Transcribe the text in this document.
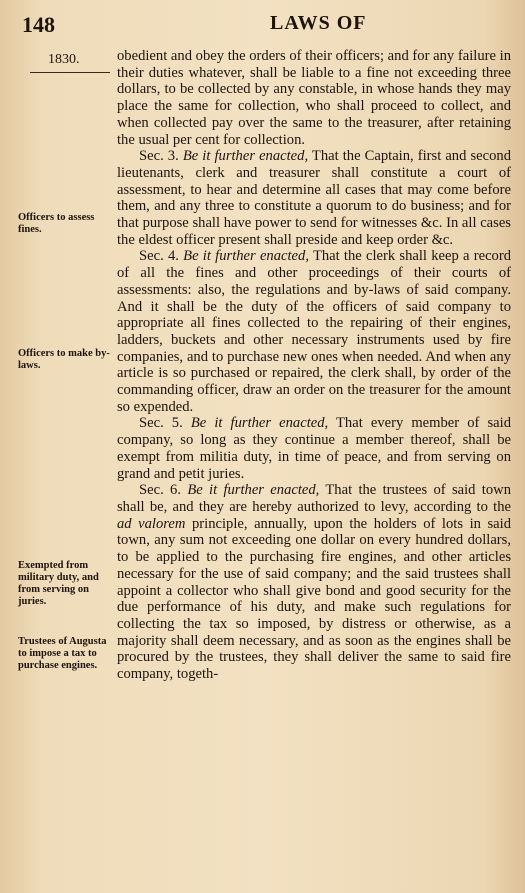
148	LAWS OF
1830.
Officers to assess fines.
Officers to make by-laws.
Exempted from military duty, and from serving on juries.
Trustees of Augusta to impose a tax to purchase engines.

obedient and obey the orders of their officers; and for any failure in their duties whatever, shall be liable to a fine not exceeding three dollars, to be collected by any constable, in whose hands they may place the same for collection, who shall proceed to collect, and when collected pay over the same to the treasurer, after retaining the usual per cent for collection.

Sec. 3. Be it further enacted, That the Captain, first and second lieutenants, clerk and treasurer shall constitute a court of assessment, to hear and determine all cases that may come before them, and any three to constitute a quorum to do business; and for that purpose shall have power to send for witnesses &c. In all cases the eldest officer present shall preside and keep order &c.

Sec. 4. Be it further enacted, That the clerk shall keep a record of all the fines and other proceedings of their courts of assessments: also, the regulations and by-laws of said company. And it shall be the duty of the officers of said company to appropriate all fines collected to the repairing of their engines, ladders, buckets and other necessary instruments used by fire companies, and to purchase new ones when needed. And when any article is so purchased or repaired, the clerk shall, by order of the commanding officer, draw an order on the treasurer for the amount so expended.

Sec. 5. Be it further enacted, That every member of said company, so long as they continue a member thereof, shall be exempt from militia duty, in time of peace, and from serving on grand and petit juries.

Sec. 6. Be it further enacted, That the trustees of said town shall be, and they are hereby authorized to levy, according to the ad valorem principle, annually, upon the holders of lots in said town, any sum not exceeding one dollar on every hundred dollars, to be applied to the purchasing fire engines, and other articles necessary for the use of said company; and the said trustees shall appoint a collector who shall give bond and good security for the due performance of his duty, and make such regulations for collecting the tax so imposed, by distress or otherwise, as a majority shall deem necessary, and as soon as the engines shall be procured by the trustees, they shall deliver the same to said fire company, togeth-
